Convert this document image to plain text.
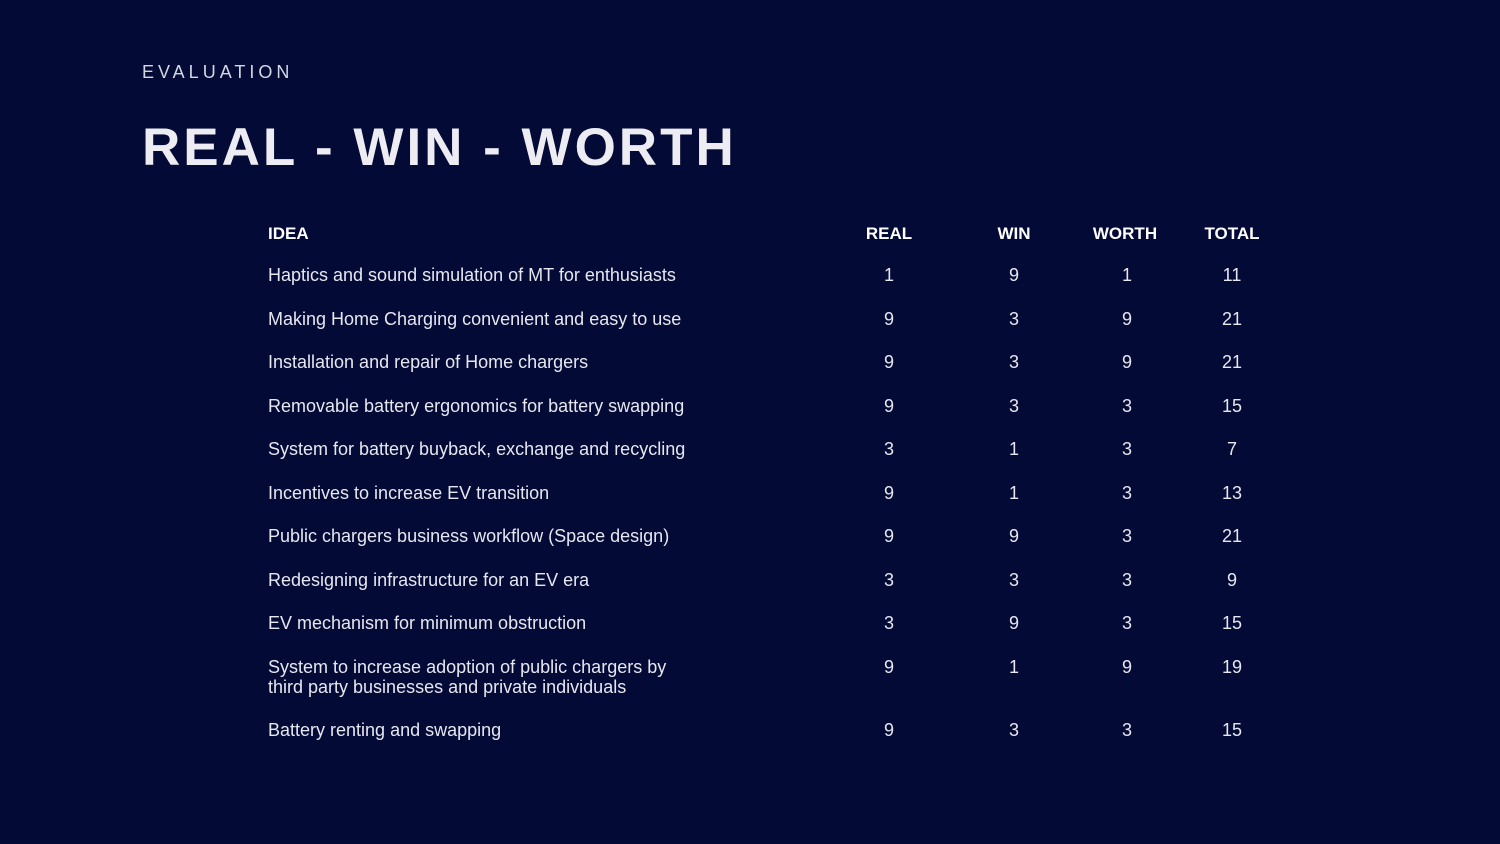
EVALUATION
REAL - WIN - WORTH
IDEA	REAL	WIN	WORTH	TOTAL
Haptics and sound simulation of MT for enthusiasts	1	9	1	11
Making Home Charging convenient and easy to use	9	3	9	21
Installation and repair of Home chargers	9	3	9	21
Removable battery ergonomics for battery swapping	9	3	3	15
System for battery buyback, exchange and recycling	3	1	3	7
Incentives to increase EV transition	9	1	3	13
Public chargers business workflow (Space design)	9	9	3	21
Redesigning infrastructure for an EV era	3	3	3	9
EV mechanism for minimum obstruction	3	9	3	15
System to increase adoption of public chargers by
third party businesses and private individuals
9	1	9	19
Battery renting and swapping	9	3	3	15
